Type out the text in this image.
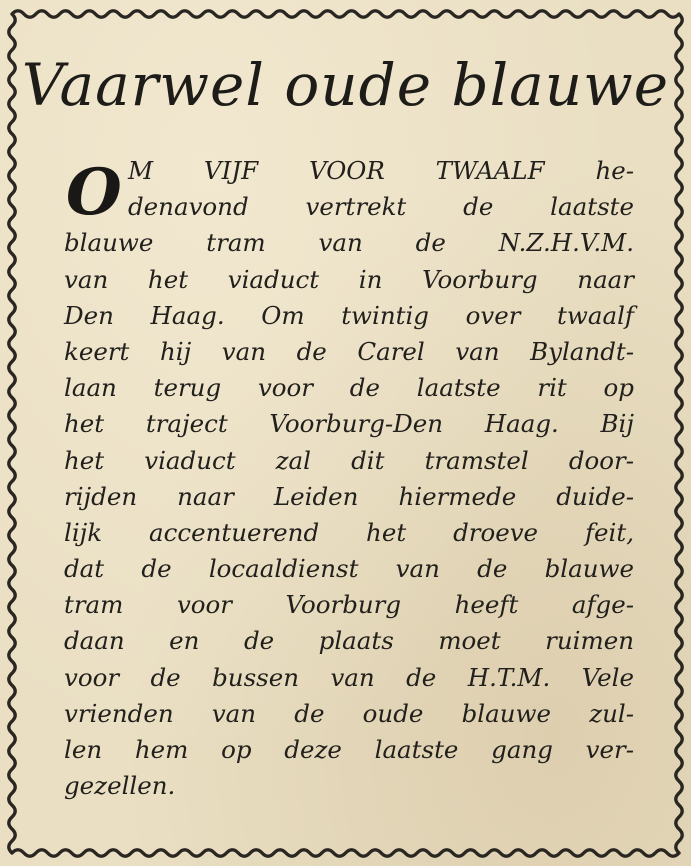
Vaarwel oude blauwe
O M VIJF VOOR TWAALF he-
denavond vertrekt de laatste
blauwe tram van de N.Z.H.V.M.
van het viaduct in Voorburg naar
Den Haag. Om twintig over twaalf
keert hij van de Carel van Bylandt-
laan terug voor de laatste rit op
het traject Voorburg-Den Haag. Bij
het viaduct zal dit tramstel door-
rijden naar Leiden hiermede duide-
lijk accentuerend het droeve feit,
dat de locaaldienst van de blauwe
tram voor Voorburg heeft afge-
daan en de plaats moet ruimen
voor de bussen van de H.T.M. Vele
vrienden van de oude blauwe zul-
len hem op deze laatste gang ver-
gezellen.
